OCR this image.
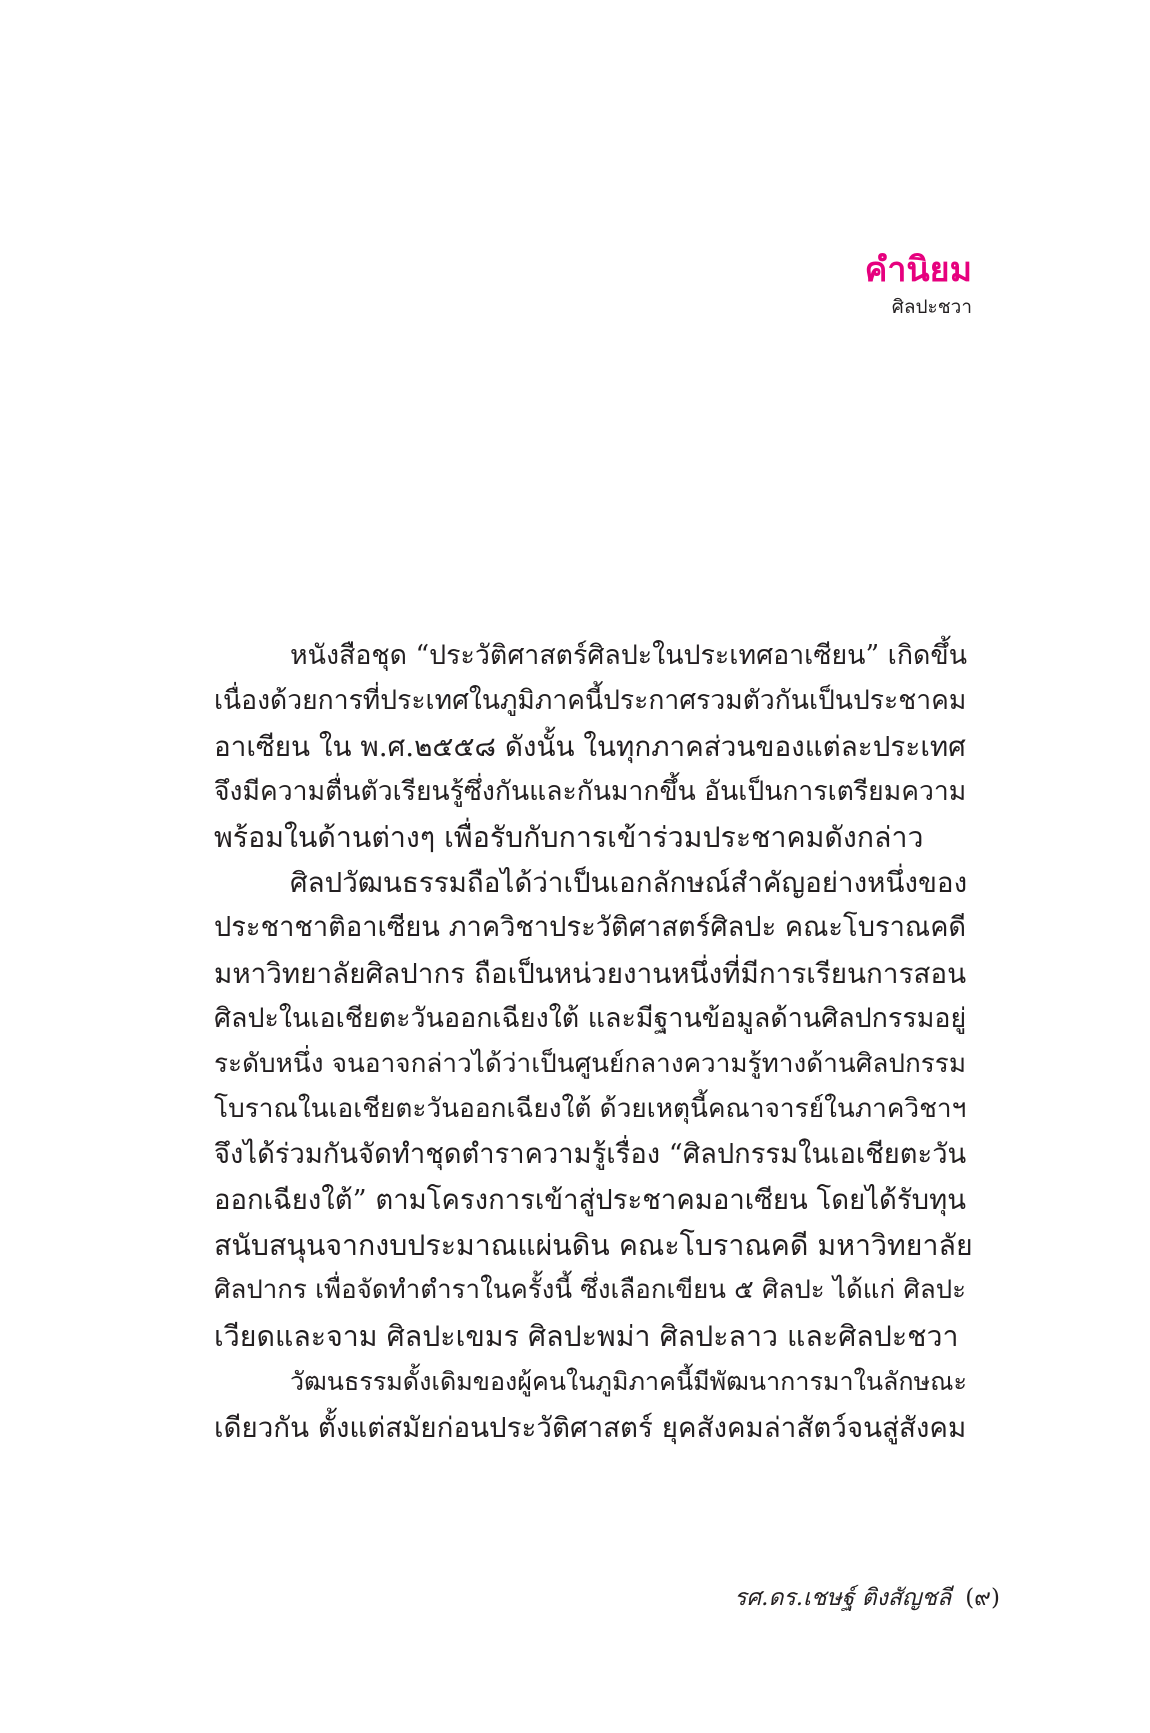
คำนิยม
ศิลปะชวา
หนังสือชุด “ประวัติศาสตร์ศิลปะในประเทศอาเซียน” เกิดขึ้น
เนื่องด้วยการที่ประเทศในภูมิภาคนี้ประกาศรวมตัวกันเป็นประชาคม
อาเซียน ใน พ.ศ.๒๕๕๘ ดังนั้น ในทุกภาคส่วนของแต่ละประเทศ
จึงมีความตื่นตัวเรียนรู้ซึ่งกันและกันมากขึ้น อันเป็นการเตรียมความ
พร้อมในด้านต่างๆ เพื่อรับกับการเข้าร่วมประชาคมดังกล่าว
ศิลปวัฒนธรรมถือได้ว่าเป็นเอกลักษณ์สำคัญอย่างหนึ่งของ
ประชาชาติอาเซียน ภาควิชาประวัติศาสตร์ศิลปะ คณะโบราณคดี
มหาวิทยาลัยศิลปากร ถือเป็นหน่วยงานหนึ่งที่มีการเรียนการสอน
ศิลปะในเอเชียตะวันออกเฉียงใต้ และมีฐานข้อมูลด้านศิลปกรรมอยู่
ระดับหนึ่ง จนอาจกล่าวได้ว่าเป็นศูนย์กลางความรู้ทางด้านศิลปกรรม
โบราณในเอเชียตะวันออกเฉียงใต้ ด้วยเหตุนี้คณาจารย์ในภาควิชาฯ
จึงได้ร่วมกันจัดทำชุดตำราความรู้เรื่อง “ศิลปกรรมในเอเชียตะวัน
ออกเฉียงใต้” ตามโครงการเข้าสู่ประชาคมอาเซียน โดยได้รับทุน
สนับสนุนจากงบประมาณแผ่นดิน คณะโบราณคดี มหาวิทยาลัย
ศิลปากร เพื่อจัดทำตำราในครั้งนี้ ซึ่งเลือกเขียน ๕ ศิลปะ ได้แก่ ศิลปะ
เวียดและจาม ศิลปะเขมร ศิลปะพม่า ศิลปะลาว และศิลปะชวา
วัฒนธรรมดั้งเดิมของผู้คนในภูมิภาคนี้มีพัฒนาการมาในลักษณะ
เดียวกัน ตั้งแต่สมัยก่อนประวัติศาสตร์ ยุคสังคมล่าสัตว์จนสู่สังคม
รศ.ดร.เชษฐ์ ติงสัญชลี (๙)
